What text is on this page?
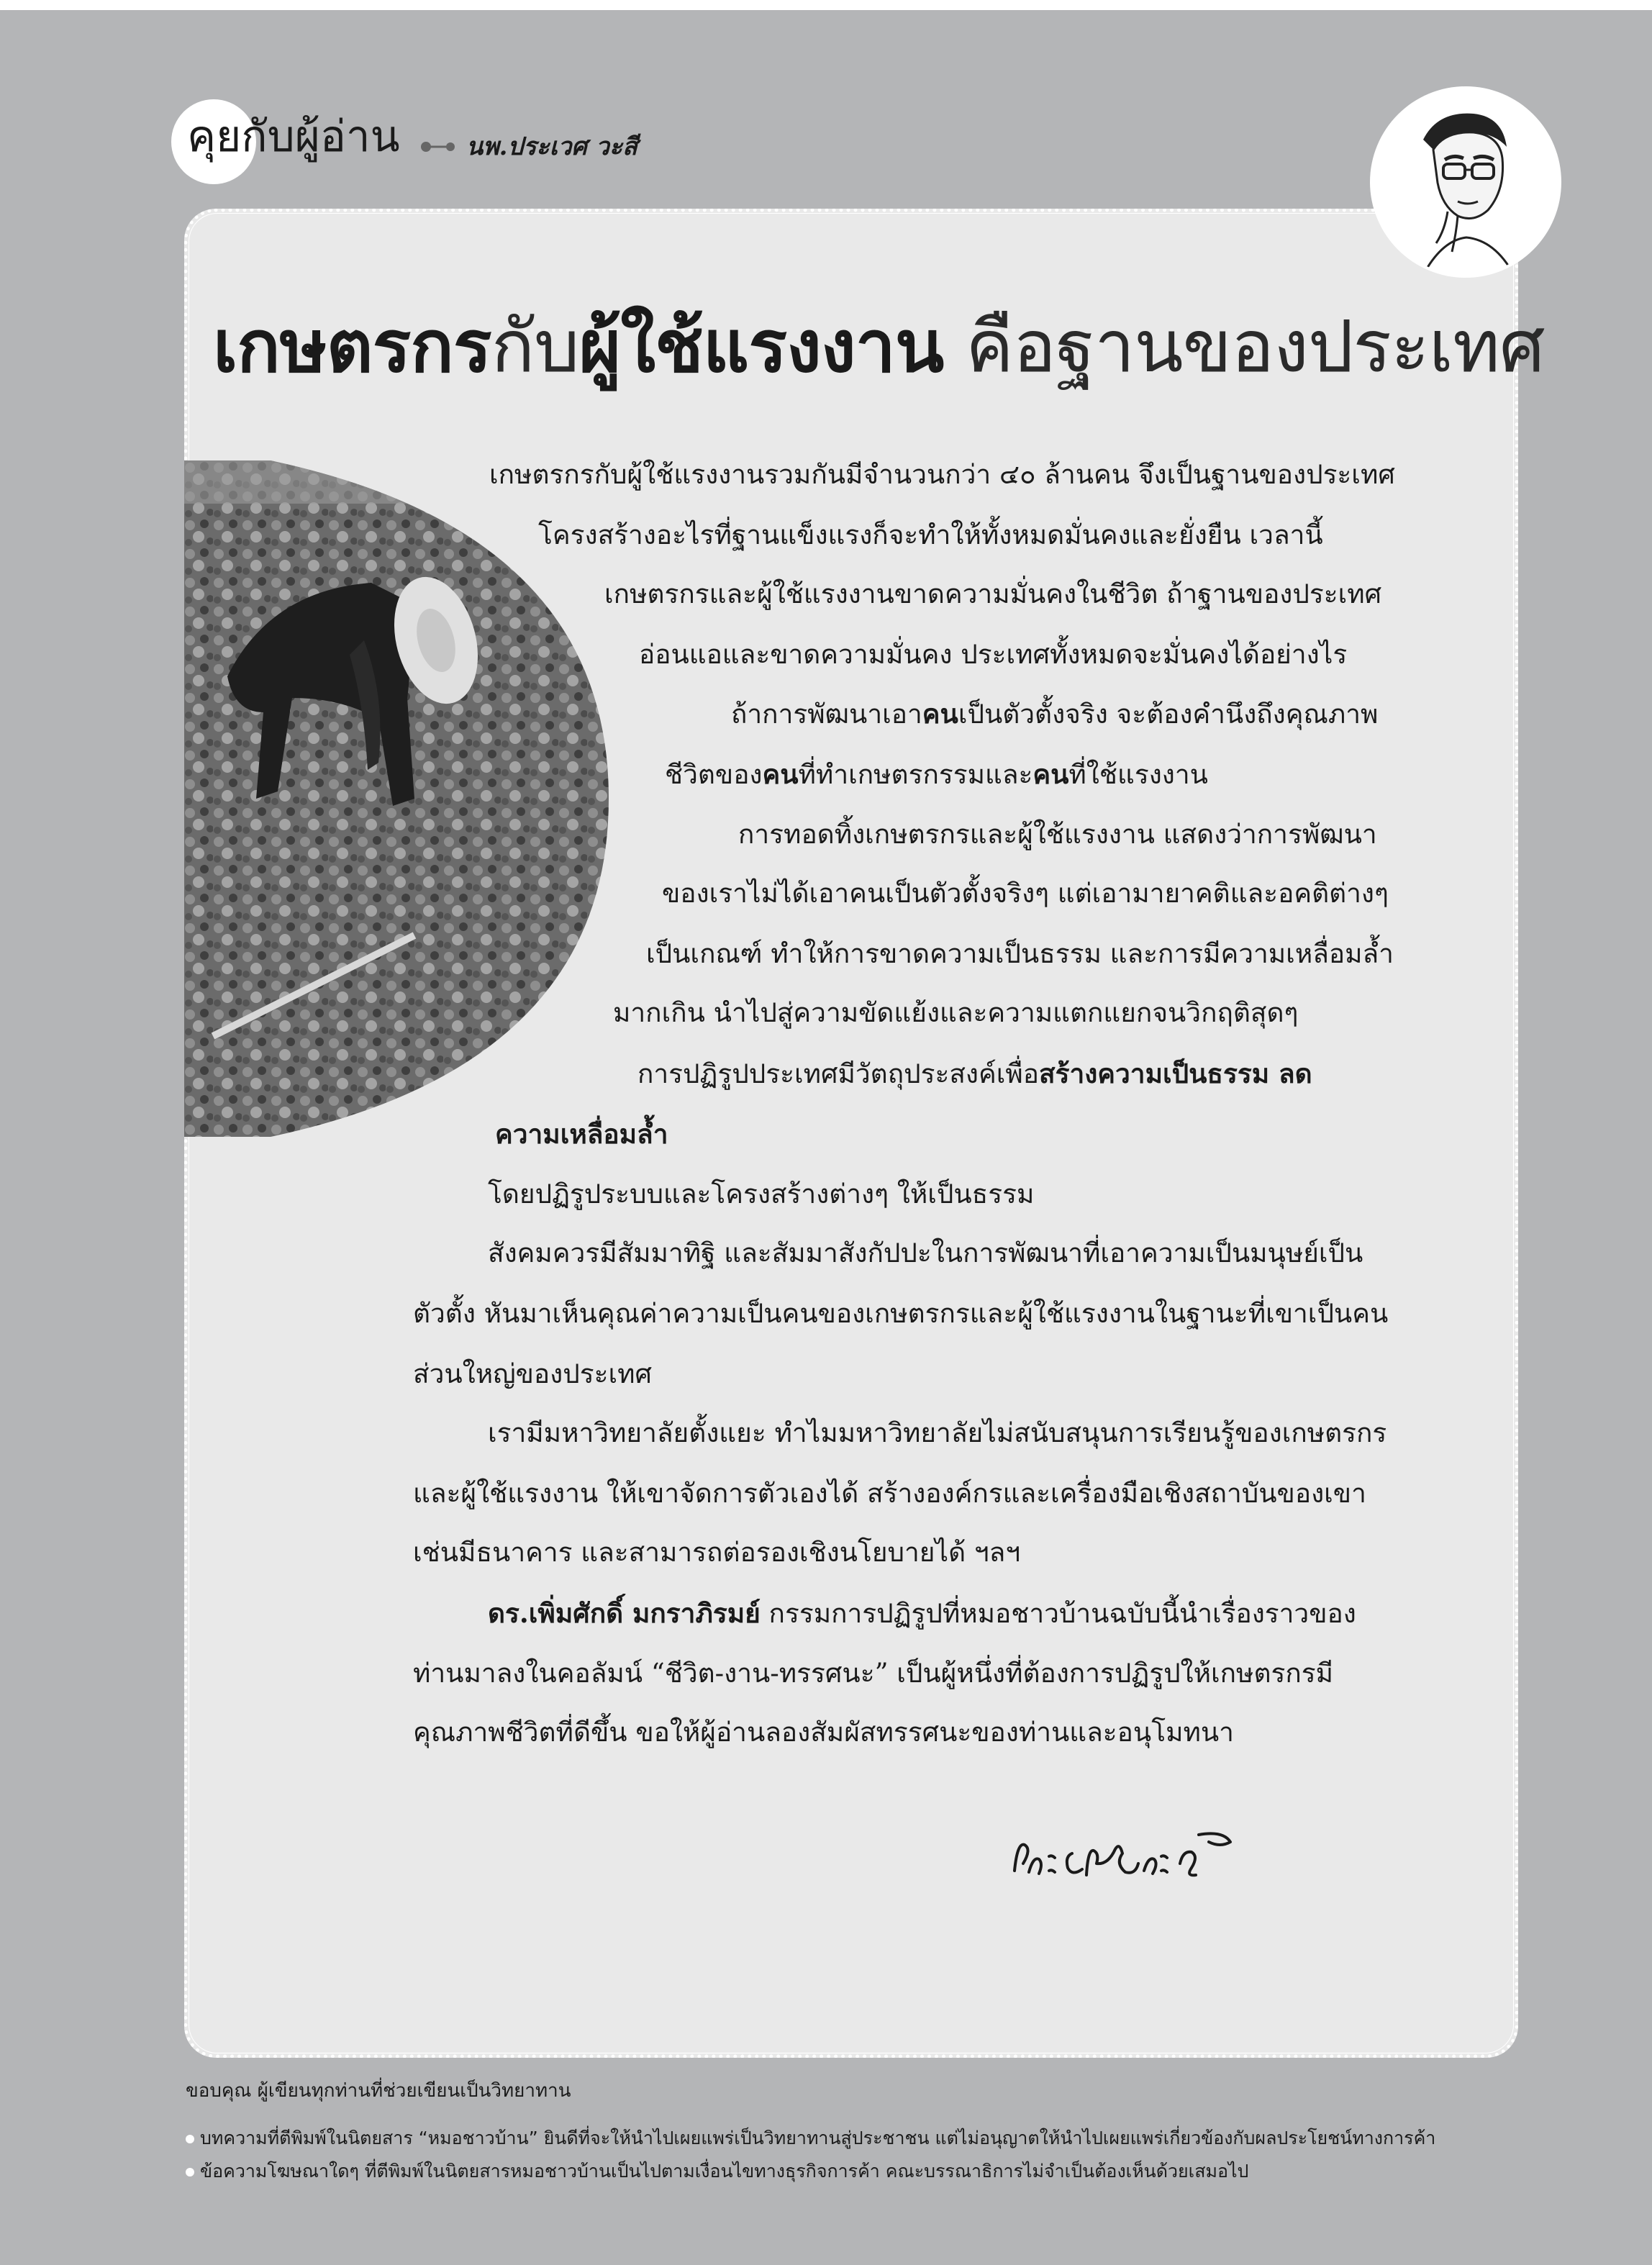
คุยกับผู้อ่าน	นพ.ประเวศ วะสี
เกษตรกรกับผู้ใช้แรงงาน คือฐานของประเทศ
เกษตรกรกับผู้ใช้แรงงานรวมกันมีจำนวนกว่า ๔๐ ล้านคน จึงเป็นฐานของประเทศ
โครงสร้างอะไรที่ฐานแข็งแรงก็จะทำให้ทั้งหมดมั่นคงและยั่งยืน เวลานี้
เกษตรกรและผู้ใช้แรงงานขาดความมั่นคงในชีวิต ถ้าฐานของประเทศ
อ่อนแอและขาดความมั่นคง ประเทศทั้งหมดจะมั่นคงได้อย่างไร
ถ้าการพัฒนาเอาคนเป็นตัวตั้งจริง จะต้องคำนึงถึงคุณภาพ
ชีวิตของคนที่ทำเกษตรกรรมและคนที่ใช้แรงงาน
การทอดทิ้งเกษตรกรและผู้ใช้แรงงาน แสดงว่าการพัฒนา
ของเราไม่ได้เอาคนเป็นตัวตั้งจริงๆ แต่เอามายาคติและอคติต่างๆ
เป็นเกณฑ์ ทำให้การขาดความเป็นธรรม และการมีความเหลื่อมล้ำ
มากเกิน นำไปสู่ความขัดแย้งและความแตกแยกจนวิกฤติสุดๆ
การปฏิรูปประเทศมีวัตถุประสงค์เพื่อสร้างความเป็นธรรม ลด
ความเหลื่อมล้ำ
โดยปฏิรูประบบและโครงสร้างต่างๆ ให้เป็นธรรม
สังคมควรมีสัมมาทิฐิ และสัมมาสังกัปปะในการพัฒนาที่เอาความเป็นมนุษย์เป็น
ตัวตั้ง หันมาเห็นคุณค่าความเป็นคนของเกษตรกรและผู้ใช้แรงงานในฐานะที่เขาเป็นคน
ส่วนใหญ่ของประเทศ
เรามีมหาวิทยาลัยตั้งแยะ ทำไมมหาวิทยาลัยไม่สนับสนุนการเรียนรู้ของเกษตรกร
และผู้ใช้แรงงาน ให้เขาจัดการตัวเองได้ สร้างองค์กรและเครื่องมือเชิงสถาบันของเขา
เช่นมีธนาคาร และสามารถต่อรองเชิงนโยบายได้ ฯลฯ
ดร.เพิ่มศักดิ์ มกราภิรมย์ กรรมการปฏิรูปที่หมอชาวบ้านฉบับนี้นำเรื่องราวของ
ท่านมาลงในคอลัมน์ “ชีวิต-งาน-ทรรศนะ” เป็นผู้หนึ่งที่ต้องการปฏิรูปให้เกษตรกรมี
คุณภาพชีวิตที่ดีขึ้น ขอให้ผู้อ่านลองสัมผัสทรรศนะของท่านและอนุโมทนา
ขอบคุณ ผู้เขียนทุกท่านที่ช่วยเขียนเป็นวิทยาทาน
บทความที่ตีพิมพ์ในนิตยสาร “หมอชาวบ้าน” ยินดีที่จะให้นำไปเผยแพร่เป็นวิทยาทานสู่ประชาชน แต่ไม่อนุญาตให้นำไปเผยแพร่เกี่ยวข้องกับผลประโยชน์ทางการค้า
ข้อความโฆษณาใดๆ ที่ตีพิมพ์ในนิตยสารหมอชาวบ้านเป็นไปตามเงื่อนไขทางธุรกิจการค้า คณะบรรณาธิการไม่จำเป็นต้องเห็นด้วยเสมอไป
